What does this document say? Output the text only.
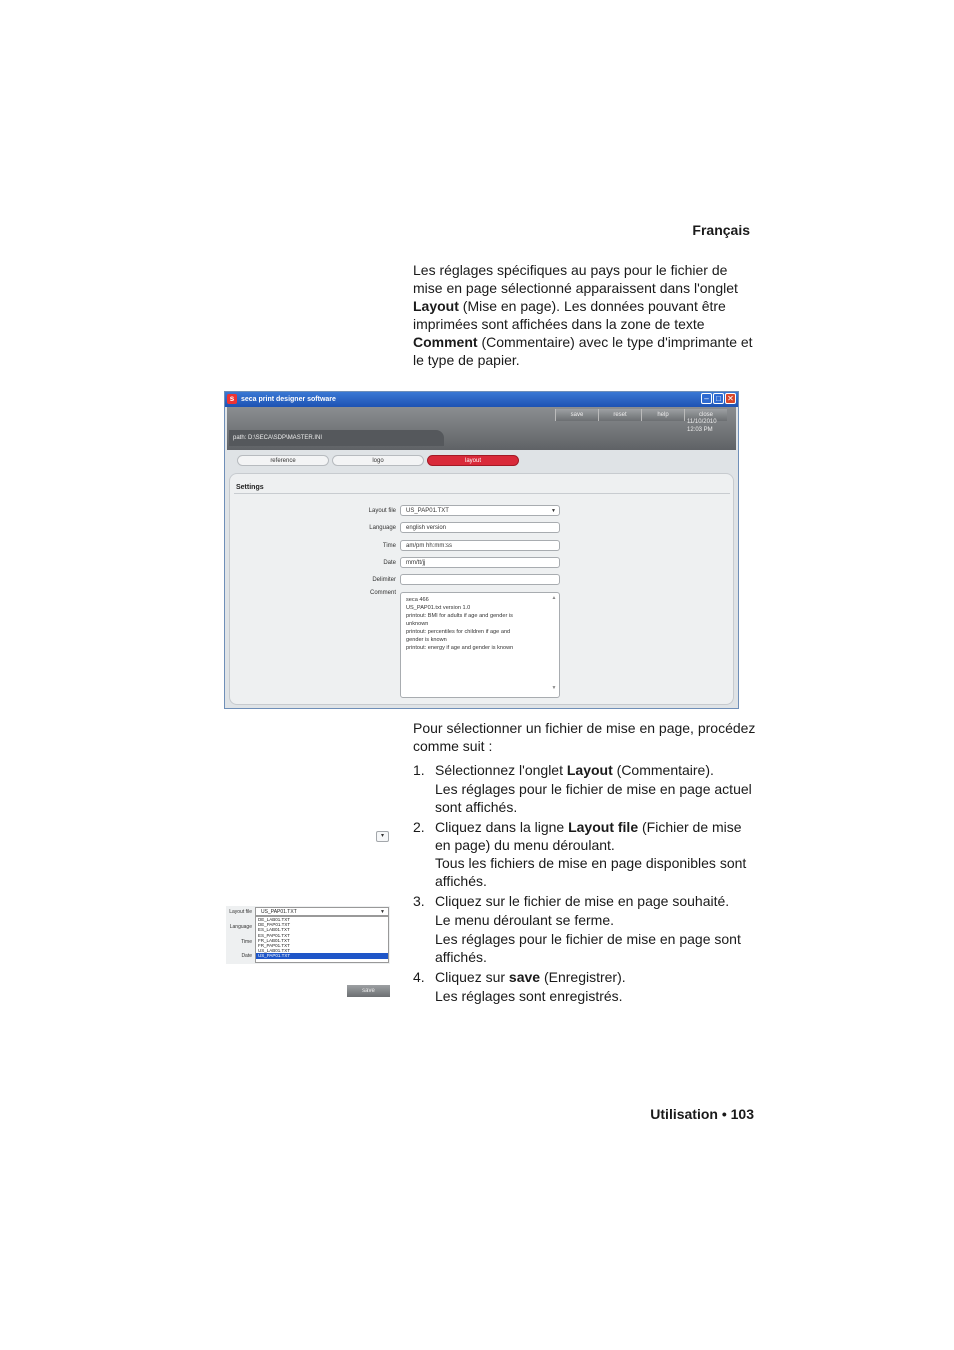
Français
Les réglages spécifiques au pays pour le fichier de mise en page sélectionné apparaissent dans l'onglet Layout (Mise en page). Les données pouvant être imprimées sont affichées dans la zone de texte Comment (Commentaire) avec le type d'imprimante et le type de papier.
s seca print designer software	– □ ✕
save	reset	help	close
path: D:\SECA\SDP\MASTER.INI
11/10/2010
12:03 PM
reference	logo	layout
Settings
Layout file	US_PAP01.TXT	▼
Language	english version
Time	am/pm hh:mm:ss
Date	mm/tt/jj
Delimiter
Comment
seca 466
US_PAP01.txt version 1.0
printout: BMI for adults if age and gender is
unknown
printout: percentiles for children if age and
gender is known
printout: energy if age and gender is known
▲

▼
Pour sélectionner un fichier de mise en page, procédez comme suit :
1. Sélectionnez l'onglet Layout (Commentaire).
Les réglages pour le fichier de mise en page actuel sont affichés.
2. Cliquez dans la ligne Layout file (Fichier de mise en page) du menu déroulant.
Tous les fichiers de mise en page disponibles sont affichés.
3. Cliquez sur le fichier de mise en page souhaité.
Le menu déroulant se ferme.
Les réglages pour le fichier de mise en page sont affichés.
4. Cliquez sur save (Enregistrer).
Les réglages sont enregistrés.
▾
Layout file
Language
Time
Date
US_PAP01.TXT	▼
DE_LAB01.TXT
DE_PAP01.TXT
ES_LAB01.TXT
ES_PAP01.TXT
FR_LAB01.TXT
FR_PAP01.TXT
US_LAB01.TXT
US_PAP01.TXT
save
Utilisation • 103
